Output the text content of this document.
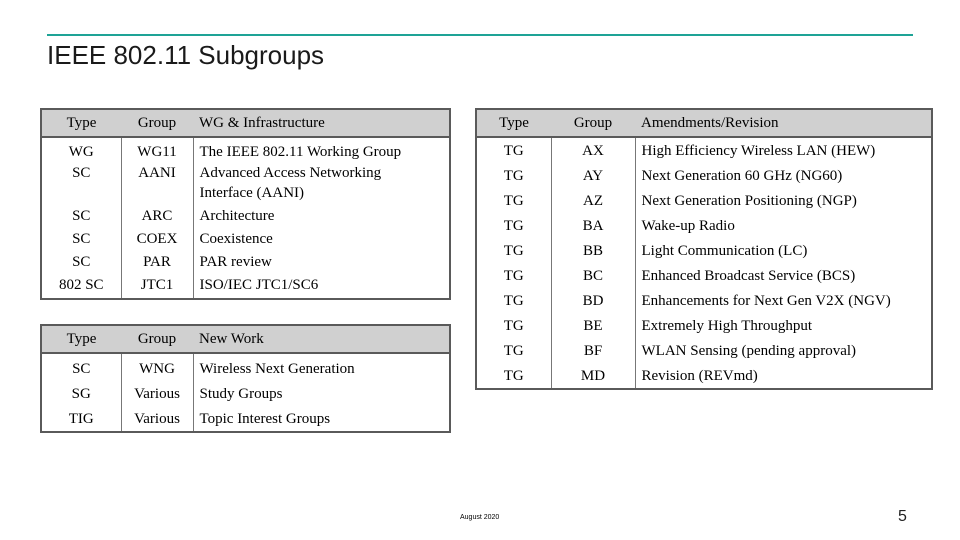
IEEE 802.11 Subgroups
Type	Group	WG & Infrastructure
WG	WG11	The IEEE 802.11 Working Group
SC	AANI	Advanced Access Networking
Interface (AANI)

SC	ARC	Architecture
SC	COEX	Coexistence
SC	PAR	PAR review
802 SC	JTC1	ISO/IEC JTC1/SC6
Type	Group	New Work
SC	WNG	Wireless Next Generation
SG	Various	Study Groups
TIG	Various	Topic Interest Groups
Type	Group	Amendments/Revision
TG	AX	High Efficiency Wireless LAN (HEW)
TG	AY	Next Generation 60 GHz (NG60)
TG	AZ	Next Generation Positioning (NGP)
TG	BA	Wake-up Radio
TG	BB	Light Communication (LC)
TG	BC	Enhanced Broadcast Service (BCS)
TG	BD	Enhancements for Next Gen V2X (NGV)
TG	BE	Extremely High Throughput
TG	BF	WLAN Sensing (pending approval)
TG	MD	Revision (REVmd)
August 2020	5
